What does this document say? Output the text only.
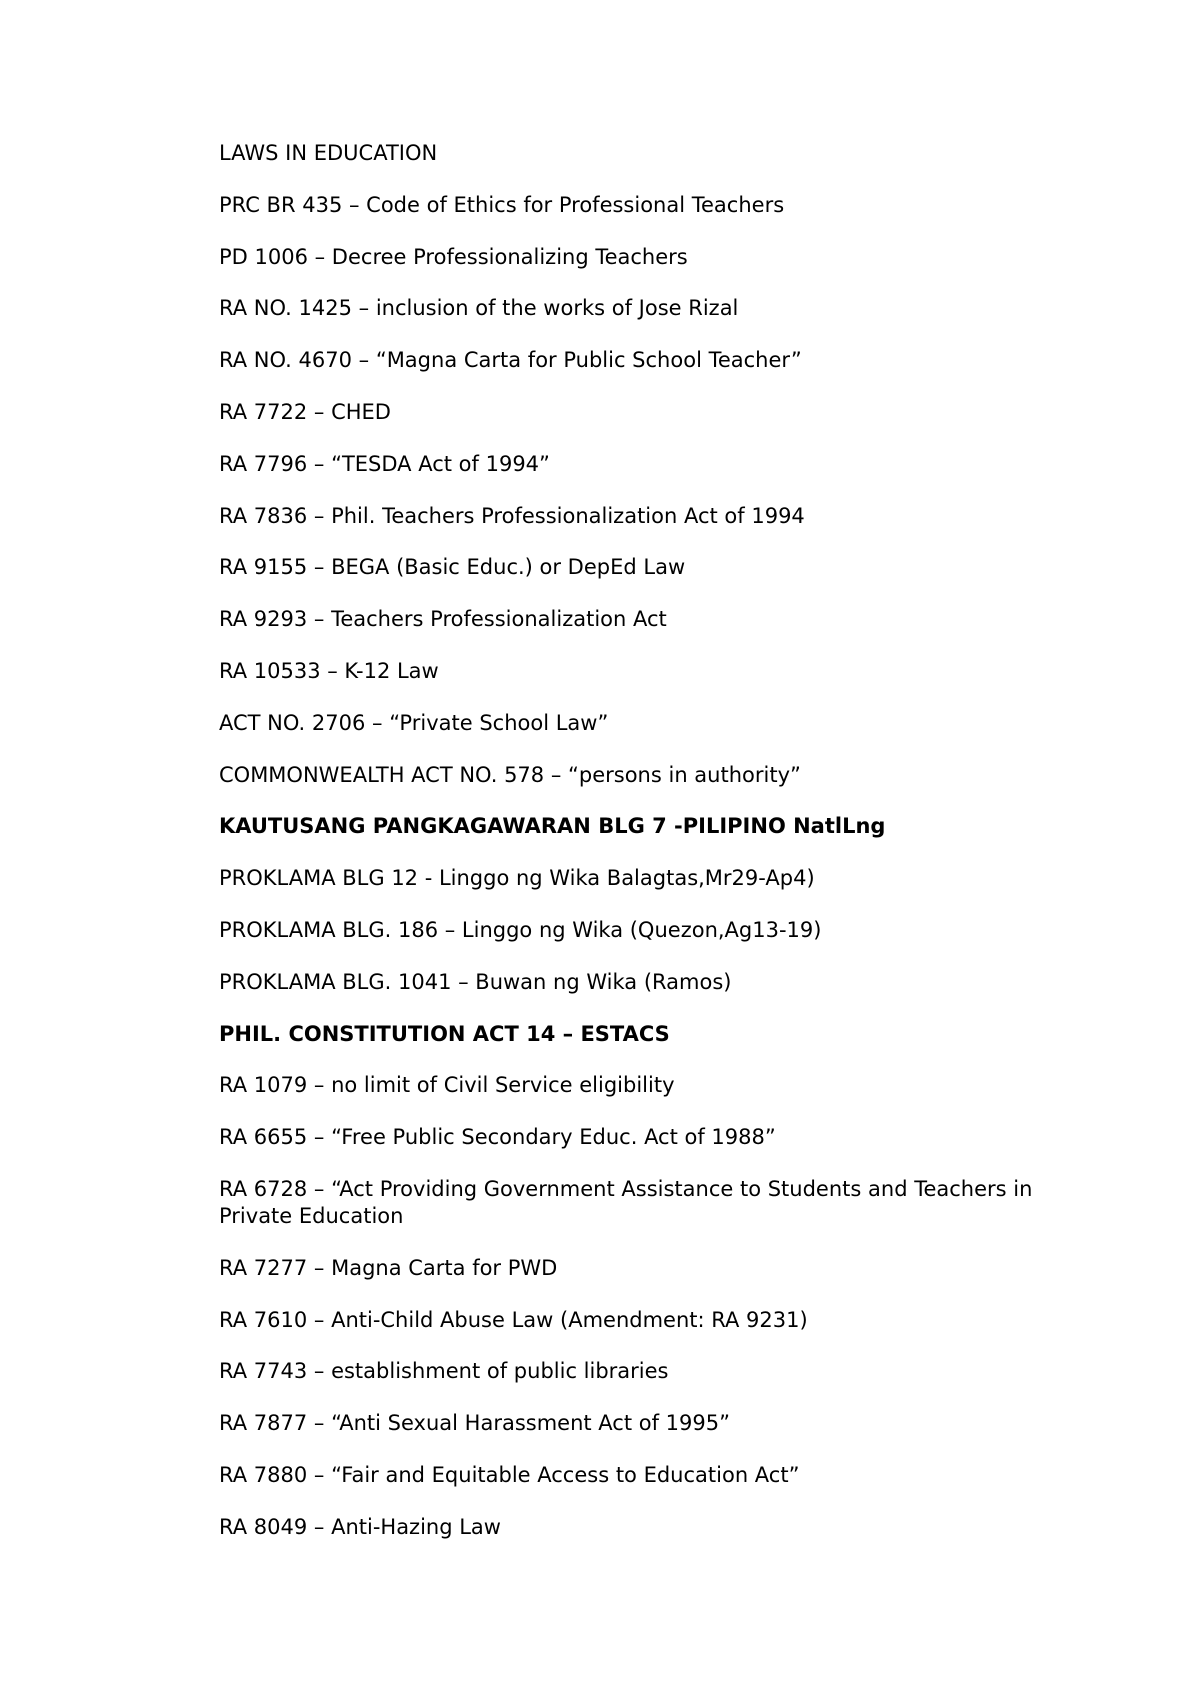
LAWS IN EDUCATION
PRC BR 435 – Code of Ethics for Professional Teachers
PD 1006 – Decree Professionalizing Teachers
RA NO. 1425 – inclusion of the works of Jose Rizal
RA NO. 4670 – “Magna Carta for Public School Teacher”
RA 7722 – CHED
RA 7796 – “TESDA Act of 1994”
RA 7836 – Phil. Teachers Professionalization Act of 1994
RA 9155 – BEGA (Basic Educ.) or DepEd Law
RA 9293 – Teachers Professionalization Act
RA 10533 – K-12 Law
ACT NO. 2706 – “Private School Law”
COMMONWEALTH ACT NO. 578 – “persons in authority”
KAUTUSANG PANGKAGAWARAN BLG 7 -PILIPINO NatlLng
PROKLAMA BLG 12 - Linggo ng Wika Balagtas,Mr29-Ap4)
PROKLAMA BLG. 186 – Linggo ng Wika (Quezon,Ag13-19)
PROKLAMA BLG. 1041 – Buwan ng Wika (Ramos)
PHIL. CONSTITUTION ACT 14 – ESTACS
RA 1079 – no limit of Civil Service eligibility
RA 6655 – “Free Public Secondary Educ. Act of 1988”
RA 6728 – “Act Providing Government Assistance to Students and Teachers in Private Education
RA 7277 – Magna Carta for PWD
RA 7610 – Anti-Child Abuse Law (Amendment: RA 9231)
RA 7743 – establishment of public libraries
RA 7877 – “Anti Sexual Harassment Act of 1995”
RA 7880 – “Fair and Equitable Access to Education Act”
RA 8049 – Anti-Hazing Law
